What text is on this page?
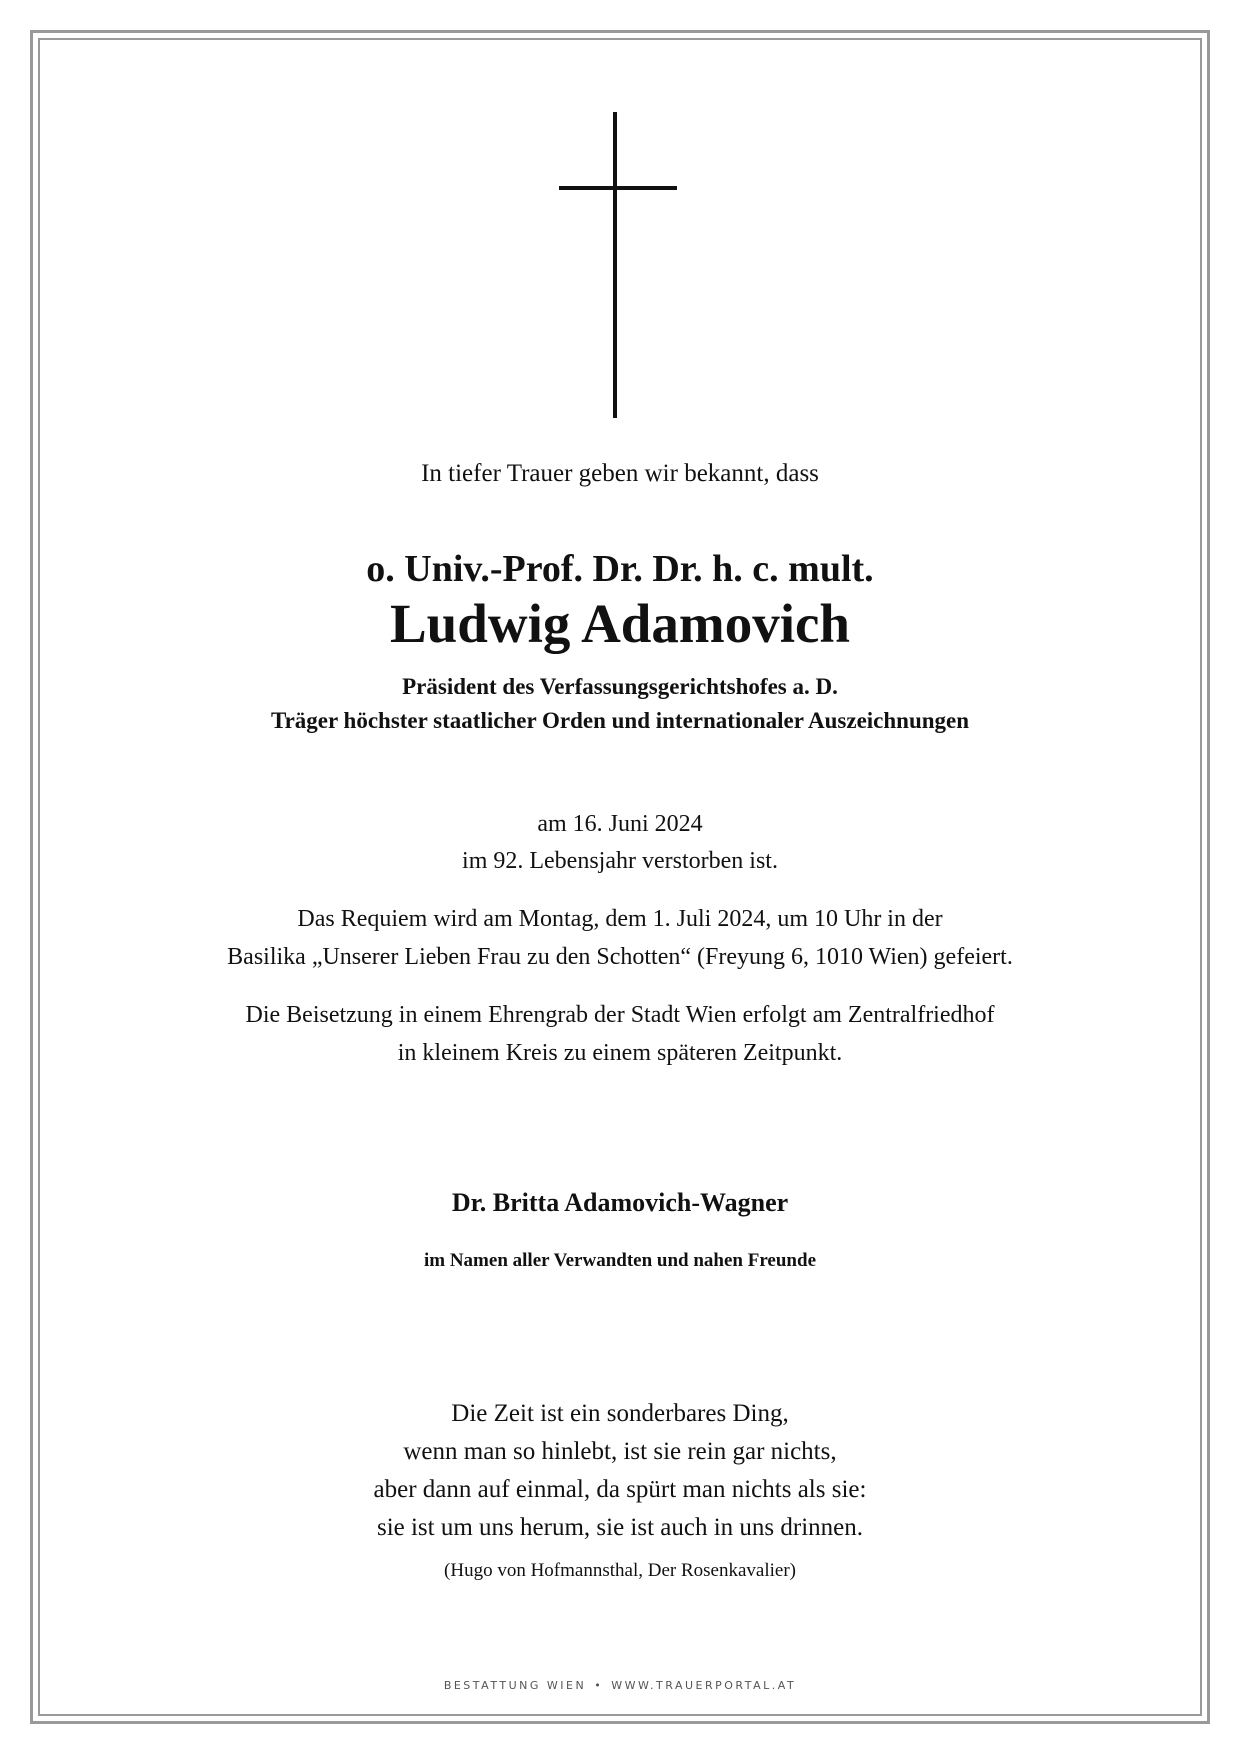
In tiefer Trauer geben wir bekannt, dass
o. Univ.-Prof. Dr. Dr. h. c. mult.
Ludwig Adamovich
Präsident des Verfassungsgerichtshofes a. D.
Träger höchster staatlicher Orden und internationaler Auszeichnungen
am 16. Juni 2024
im 92. Lebensjahr verstorben ist.
Das Requiem wird am Montag, dem 1. Juli 2024, um 10 Uhr in der
Basilika „Unserer Lieben Frau zu den Schotten“ (Freyung 6, 1010 Wien) gefeiert.
Die Beisetzung in einem Ehrengrab der Stadt Wien erfolgt am Zentralfriedhof
in kleinem Kreis zu einem späteren Zeitpunkt.
Dr. Britta Adamovich-Wagner
im Namen aller Verwandten und nahen Freunde
Die Zeit ist ein sonderbares Ding,
wenn man so hinlebt, ist sie rein gar nichts,
aber dann auf einmal, da spürt man nichts als sie:
sie ist um uns herum, sie ist auch in uns drinnen.
(Hugo von Hofmannsthal, Der Rosenkavalier)
BESTATTUNG WIEN • WWW.TRAUERPORTAL.AT
